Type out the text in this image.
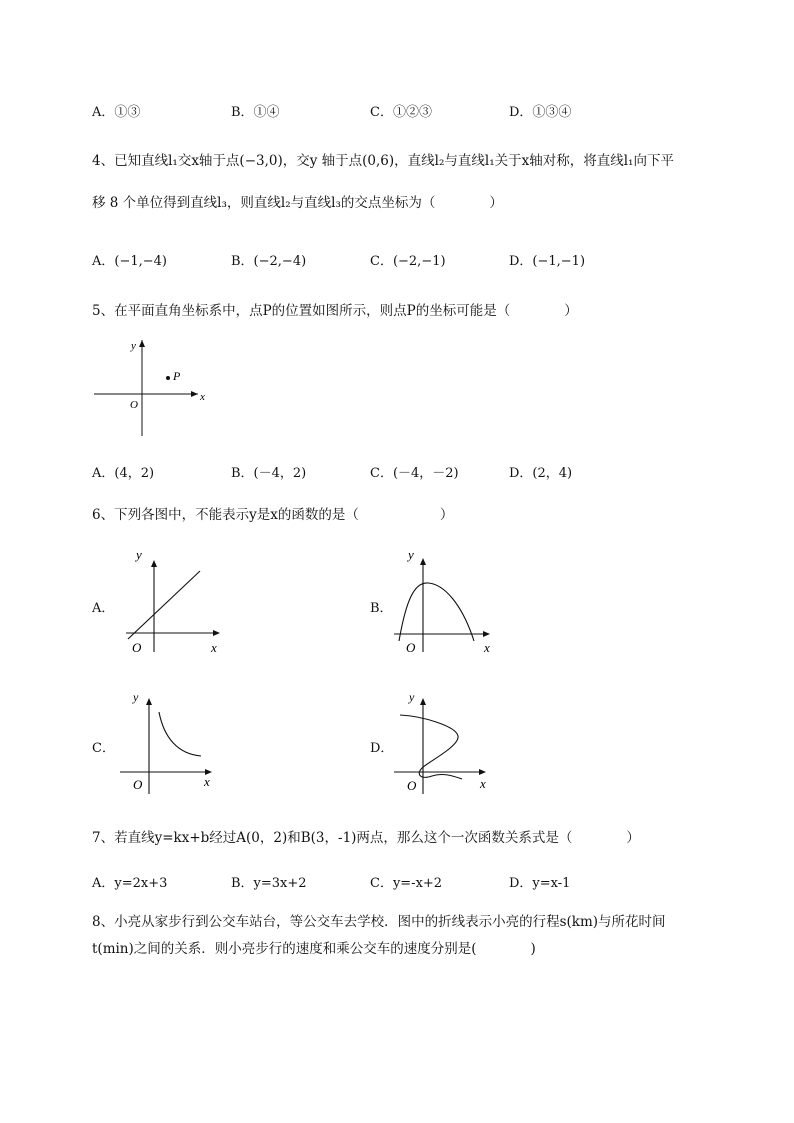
A．①③	B．①④	C．①②③	D．①③④
4、已知直线l₁交x轴于点(−3,0)，交y 轴于点(0,6)，直线l₂与直线l₁关于x轴对称，将直线l₁向下平
移 8 个单位得到直线l₃，则直线l₂与直线l₃的交点坐标为（　　　　）
A．(−1,−4)	B．(−2,−4)	C．(−2,−1)	D．(−1,−1)
5、在平面直角坐标系中，点P的位置如图所示，则点P的坐标可能是（　　　　）
P
x
y
O
A．(4，2)	B．(－4，2)	C．(－4，－2)	D．(2，4)
6、下列各图中，不能表示y是x的函数的是（　　　　　　）
A．
y
x
O
B．
y
x
O
C．
y
x
O
D．
y
x
O
7、若直线y=kx+b经过A(0，2)和B(3，-1)两点，那么这个一次函数关系式是（　　　　）
A．y=2x+3	B．y=3x+2	C．y=-x+2	D．y=x-1
8、小亮从家步行到公交车站台，等公交车去学校．图中的折线表示小亮的行程s(km)与所花时间
t(min)之间的关系．则小亮步行的速度和乘公交车的速度分别是(　　　　)
